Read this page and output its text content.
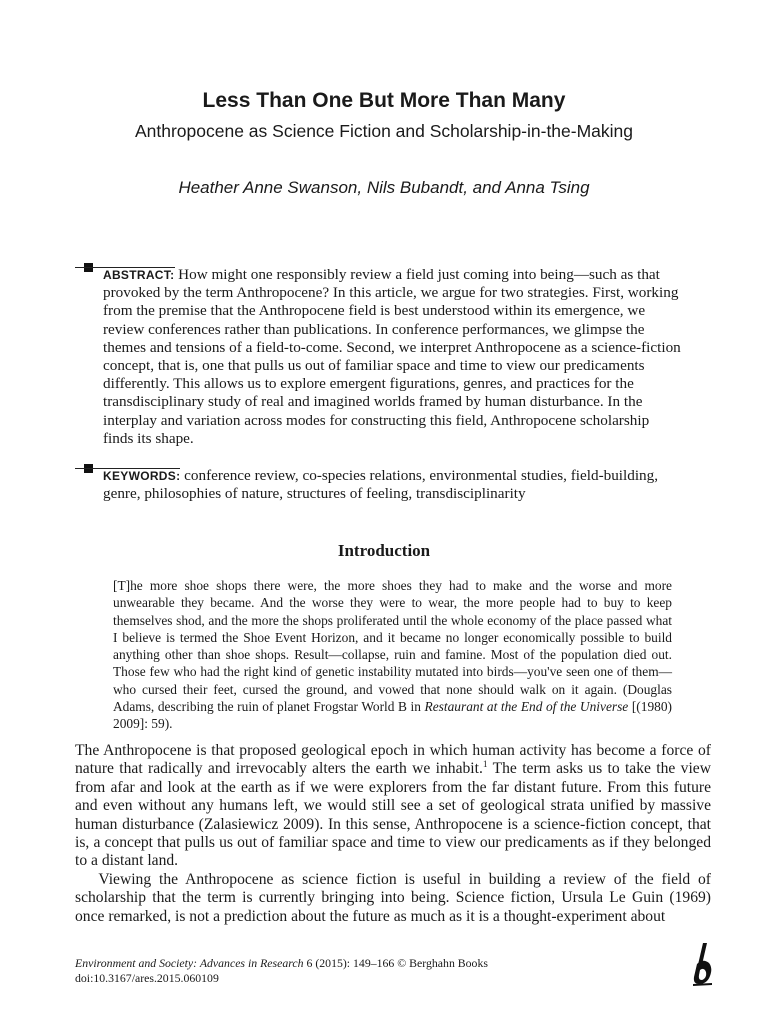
Less Than One But More Than Many
Anthropocene as Science Fiction and Scholarship-in-the-Making
Heather Anne Swanson, Nils Bubandt, and Anna Tsing
ABSTRACT: How might one responsibly review a field just coming into being—such as that provoked by the term Anthropocene? In this article, we argue for two strategies. First, working from the premise that the Anthropocene field is best understood within its emergence, we review conferences rather than publications. In conference performances, we glimpse the themes and tensions of a field-to-come. Second, we interpret Anthropocene as a science-fiction concept, that is, one that pulls us out of familiar space and time to view our predicaments differently. This allows us to explore emergent figurations, genres, and practices for the transdisciplinary study of real and imagined worlds framed by human disturbance. In the interplay and variation across modes for constructing this field, Anthropocene scholarship finds its shape.
KEYWORDS: conference review, co-species relations, environmental studies, field-building, genre, philosophies of nature, structures of feeling, transdisciplinarity
Introduction
[T]he more shoe shops there were, the more shoes they had to make and the worse and more unwearable they became. And the worse they were to wear, the more people had to buy to keep themselves shod, and the more the shops proliferated until the whole economy of the place passed what I believe is termed the Shoe Event Horizon, and it became no longer economically possible to build anything other than shoe shops. Result—collapse, ruin and famine. Most of the population died out. Those few who had the right kind of genetic instability mutated into birds—you've seen one of them—who cursed their feet, cursed the ground, and vowed that none should walk on it again. (Douglas Adams, describing the ruin of planet Frogstar World B in Restaurant at the End of the Universe [(1980) 2009]: 59).

The Anthropocene is that proposed geological epoch in which human activity has become a force of nature that radically and irrevocably alters the earth we inhabit.$^1$ The term asks us to take the view from afar and look at the earth as if we were explorers from the far distant future. From this future and even without any humans left, we would still see a set of geological strata unified by massive human disturbance (Zalasiewicz 2009). In this sense, Anthropocene is a science-fiction concept, that is, a concept that pulls us out of familiar space and time to view our predicaments as if they belonged to a distant land.

Viewing the Anthropocene as science fiction is useful in building a review of the field of scholarship that the term is currently bringing into being. Science fiction, Ursula Le Guin (1969) once remarked, is not a prediction about the future as much as it is a thought-experiment about

Environment and Society: Advances in Research 6 (2015): 149–166 © Berghahn Books
doi:10.3167/ares.2015.060109
